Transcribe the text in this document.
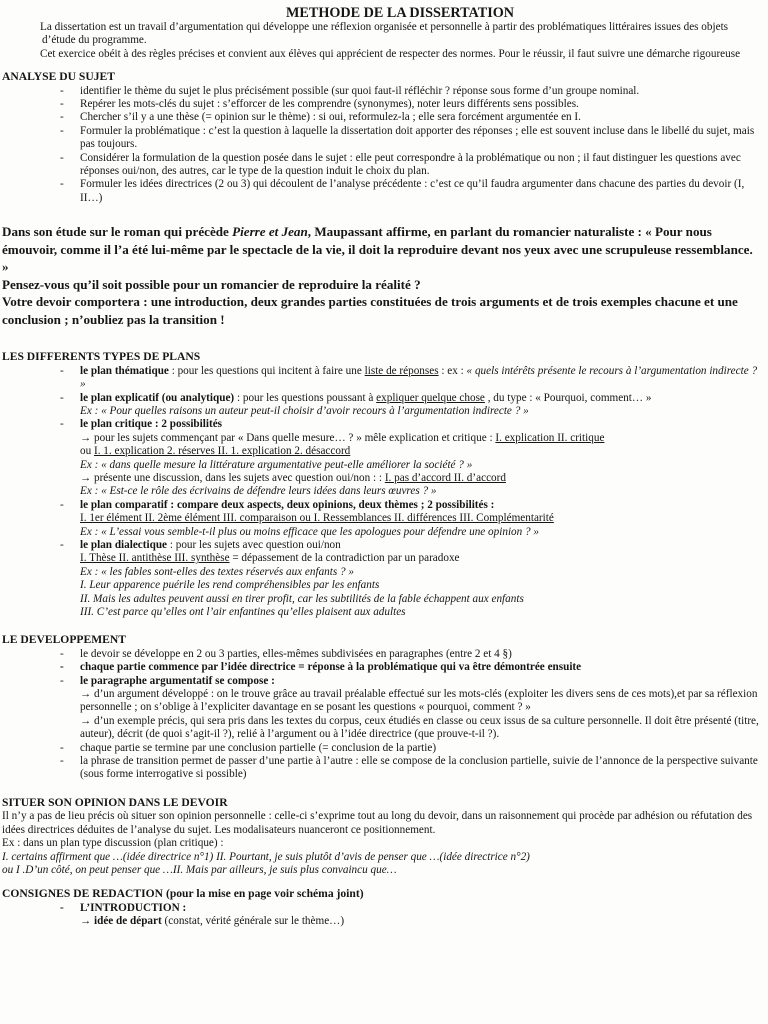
METHODE DE LA DISSERTATION

La dissertation est un travail d’argumentation qui développe une réflexion organisée et personnelle à partir des problématiques littéraires issues des objets d’étude du programme.

Cet exercice obéit à des règles précises et convient aux élèves qui apprécient de respecter des normes. Pour le réussir, il faut suivre une démarche rigoureuse

ANALYSE DU SUJET
- identifier le thème du sujet le plus précisément possible (sur quoi faut-il réfléchir ? réponse sous forme d’un groupe nominal.
- Repérer les mots-clés du sujet : s’efforcer de les comprendre (synonymes), noter leurs différents sens possibles.
- Chercher s’il y a une thèse (= opinion sur le thème) : si oui, reformulez-la ; elle sera forcément argumentée en I.
- Formuler la problématique : c’est la question à laquelle la dissertation doit apporter des réponses ; elle est souvent incluse dans le libellé du sujet, mais pas toujours.
- Considérer la formulation de la question posée dans le sujet : elle peut correspondre à la problématique ou non ; il faut distinguer les questions avec réponses oui/non, des autres, car le type de la question induit le choix du plan.
- Formuler les idées directrices (2 ou 3) qui découlent de l’analyse précédente : c’est ce qu’il faudra argumenter dans chacune des parties du devoir (I, II…)

Dans son étude sur le roman qui précède Pierre et Jean, Maupassant affirme, en parlant du romancier naturaliste : « Pour nous émouvoir, comme il l’a été lui-même par le spectacle de la vie, il doit la reproduire devant nos yeux avec une scrupuleuse ressemblance. »

Pensez-vous qu’il soit possible pour un romancier de reproduire la réalité ?

Votre devoir comportera : une introduction, deux grandes parties constituées de trois arguments et de trois exemples chacune et une conclusion ; n’oubliez pas la transition !

LES DIFFERENTS TYPES DE PLANS
- le plan thématique : pour les questions qui incitent à faire une liste de réponses : ex : « quels intérêts présente le recours à l’argumentation indirecte ? »
- le plan explicatif (ou analytique) : pour les questions poussant à expliquer quelque chose , du type : « Pourquoi, comment… »
Ex : « Pour quelles raisons un auteur peut-il choisir d’avoir recours à l’argumentation indirecte ? »
- le plan critique : 2 possibilités
→ pour les sujets commençant par « Dans quelle mesure… ? » mêle explication et critique : I. explication II. critique
ou I. 1. explication 2. réserves II. 1. explication 2. désaccord
Ex : « dans quelle mesure la littérature argumentative peut-elle améliorer la société ? »
→ présente une discussion, dans les sujets avec question oui/non : : I. pas d’accord II. d’accord
Ex : « Est-ce le rôle des écrivains de défendre leurs idées dans leurs œuvres ? »
- le plan comparatif : compare deux aspects, deux opinions, deux thèmes ; 2 possibilités :
I. 1er élément II. 2ème élément III. comparaison ou I. Ressemblances II. différences III. Complémentarité
Ex : « L’essai vous semble-t-il plus ou moins efficace que les apologues pour défendre une opinion ? »
- le plan dialectique : pour les sujets avec question oui/non
I. Thèse II. antithèse III. synthèse = dépassement de la contradiction par un paradoxe
Ex : « les fables sont-elles des textes réservés aux enfants ? »
I. Leur apparence puérile les rend compréhensibles par les enfants
II. Mais les adultes peuvent aussi en tirer profit, car les subtilités de la fable échappent aux enfants
III. C’est parce qu’elles ont l’air enfantines qu’elles plaisent aux adultes
LE DEVELOPPEMENT
- le devoir se développe en 2 ou 3 parties, elles-mêmes subdivisées en paragraphes (entre 2 et 4 §)
- chaque partie commence par l’idée directrice = réponse à la problématique qui va être démontrée ensuite
- le paragraphe argumentatif se compose :
→ d’un argument développé : on le trouve grâce au travail préalable effectué sur les mots-clés (exploiter les divers sens de ces mots),et par sa réflexion personnelle ; on s’oblige à l’expliciter davantage en se posant les questions « pourquoi, comment ? »
→ d’un exemple précis, qui sera pris dans les textes du corpus, ceux étudiés en classe ou ceux issus de sa culture personnelle. Il doit être présenté (titre, auteur), décrit (de quoi s’agit-il ?), relié à l’argument ou à l’idée directrice (que prouve-t-il ?).
- chaque partie se termine par une conclusion partielle (= conclusion de la partie)
- la phrase de transition permet de passer d’une partie à l’autre : elle se compose de la conclusion partielle, suivie de l’annonce de la perspective suivante (sous forme interrogative si possible)
SITUER SON OPINION DANS LE DEVOIR
Il n’y a pas de lieu précis où situer son opinion personnelle : celle-ci s’exprime tout au long du devoir, dans un raisonnement qui procède par adhésion ou réfutation des idées directrices déduites de l’analyse du sujet. Les modalisateurs nuanceront ce positionnement.
Ex : dans un plan type discussion (plan critique) :
I. certains affirment que …(idée directrice n°1) II. Pourtant, je suis plutôt d’avis de penser que …(idée directrice n°2)
ou I .D’un côté, on peut penser que …II. Mais par ailleurs, je suis plus convaincu que…
CONSIGNES DE REDACTION (pour la mise en page voir schéma joint)
- L’INTRODUCTION :
→ idée de départ (constat, vérité générale sur le thème…)
